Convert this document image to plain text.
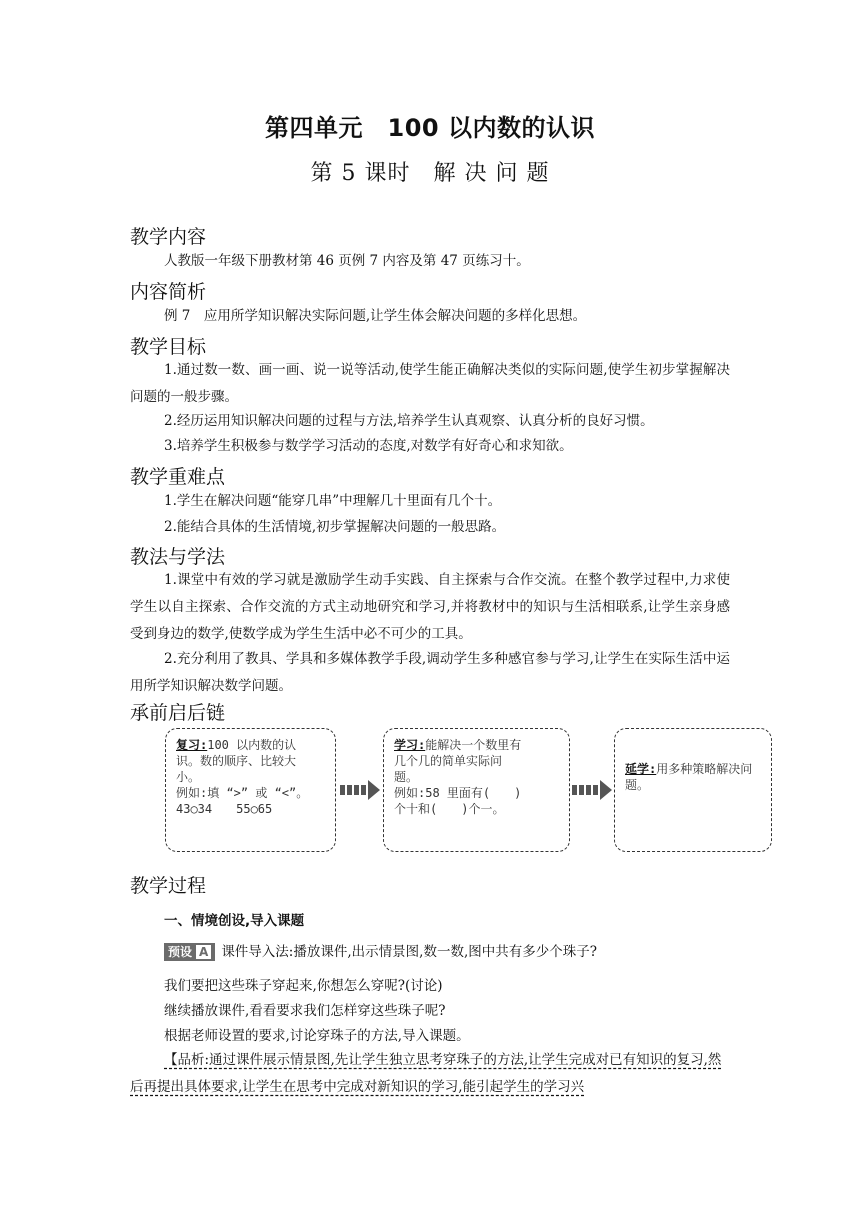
第四单元　100 以内数的认识
第 5 课时　解 决 问 题
教学内容
人教版一年级下册教材第 46 页例 7 内容及第 47 页练习十。
内容简析
例 7　应用所学知识解决实际问题,让学生体会解决问题的多样化思想。
教学目标
1.通过数一数、画一画、说一说等活动,使学生能正确解决类似的实际问题,使学生初步掌握解决问题的一般步骤。
2.经历运用知识解决问题的过程与方法,培养学生认真观察、认真分析的良好习惯。
3.培养学生积极参与数学学习活动的态度,对数学有好奇心和求知欲。
教学重难点
1.学生在解决问题“能穿几串”中理解几十里面有几个十。
2.能结合具体的生活情境,初步掌握解决问题的一般思路。
教法与学法
1.课堂中有效的学习就是激励学生动手实践、自主探索与合作交流。在整个教学过程中,力求使学生以自主探索、合作交流的方式主动地研究和学习,并将教材中的知识与生活相联系,让学生亲身感受到身边的数学,使数学成为学生生活中必不可少的工具。
2.充分利用了教具、学具和多媒体教学手段,调动学生多种感官参与学习,让学生在实际生活中运用所学知识解决数学问题。
承前启后链
复习:100 以内数的认
识。数的顺序、比较大
小。
例如:填 “>” 或 “<”。
43○34　　55○65
学习:能解决一个数里有
几个几的简单实际问
题。
例如:58 里面有(　　)
个十和(　　)个一。
延学:用多种策略解决问
题。
教学过程
一、情境创设,导入课题
预设 A 课件导入法:播放课件,出示情景图,数一数,图中共有多少个珠子?
我们要把这些珠子穿起来,你想怎么穿呢?(讨论)
继续播放课件,看看要求我们怎样穿这些珠子呢?
根据老师设置的要求,讨论穿珠子的方法,导入课题。
【品析:通过课件展示情景图,先让学生独立思考穿珠子的方法,让学生完成对已有知识的复习,然后再提出具体要求,让学生在思考中完成对新知识的学习,能引起学生的学习兴
